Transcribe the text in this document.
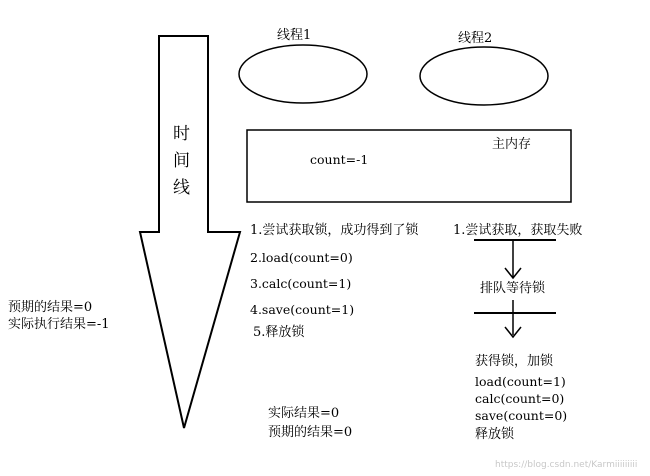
时
间
线
线程1	线程2
主内存
count=-1
1.尝试获取锁，成功得到了锁
2.load(count=0)
3.calc(count=1)
4.save(count=1)
5.释放锁
1.尝试获取，获取失败
排队等待锁
获得锁，加锁
load(count=1)
calc(count=0)
save(count=0)
释放锁
预期的结果=0
实际执行结果=-1
实际结果=0
预期的结果=0
https://blog.csdn.net/Karmiiiiiiiii
